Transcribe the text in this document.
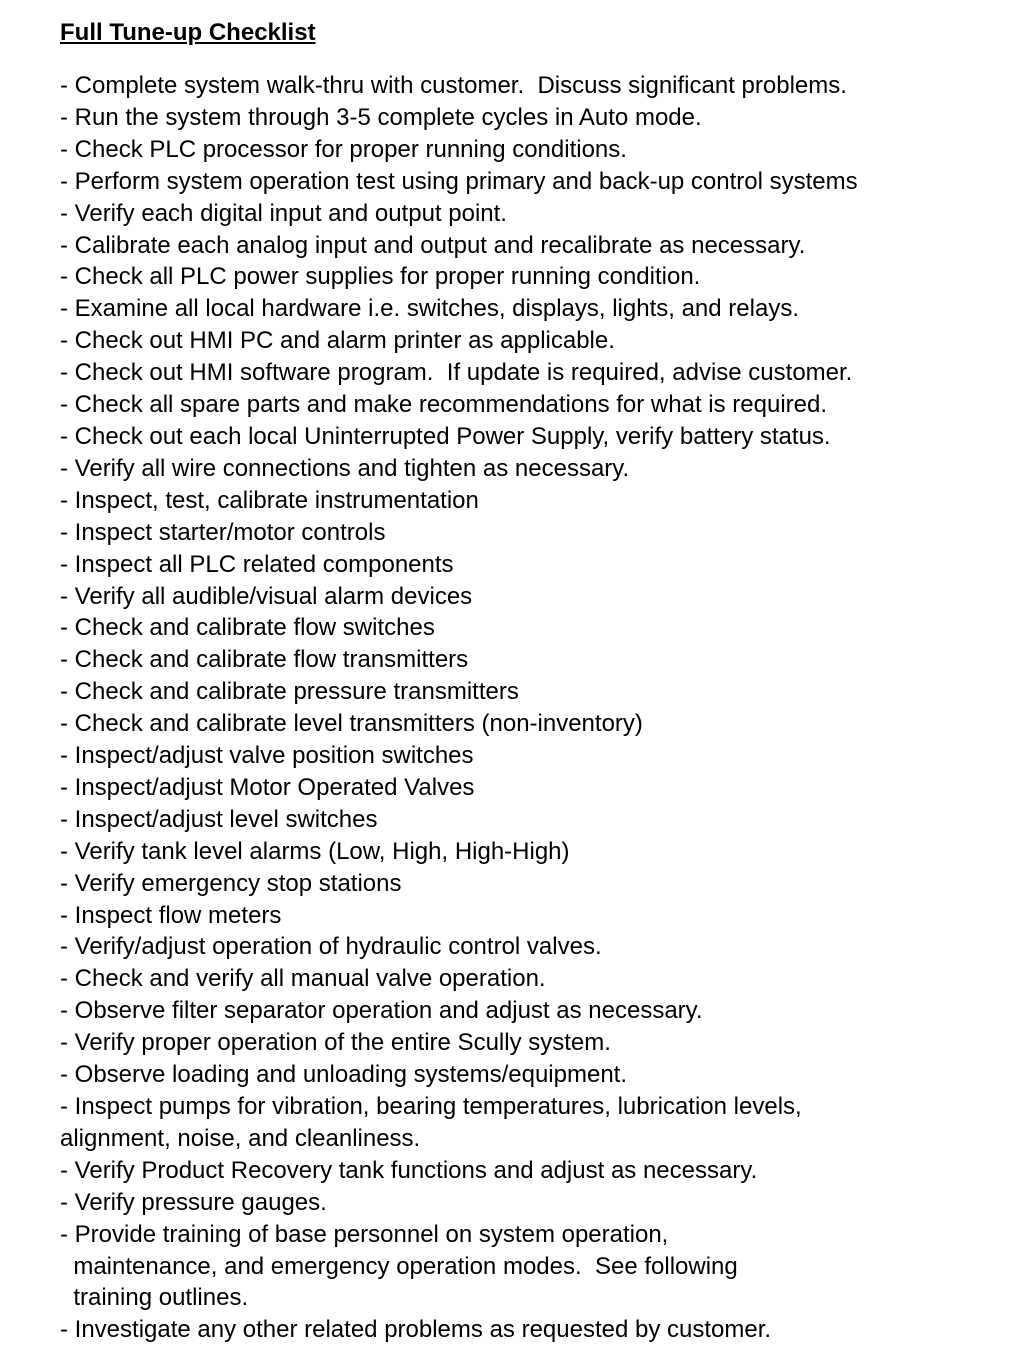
Full Tune-up Checklist
- Complete system walk-thru with customer.  Discuss significant problems.
- Run the system through 3-5 complete cycles in Auto mode.
- Check PLC processor for proper running conditions.
- Perform system operation test using primary and back-up control systems
- Verify each digital input and output point.
- Calibrate each analog input and output and recalibrate as necessary.
- Check all PLC power supplies for proper running condition.
- Examine all local hardware i.e. switches, displays, lights, and relays.
- Check out HMI PC and alarm printer as applicable.
- Check out HMI software program.  If update is required, advise customer.
- Check all spare parts and make recommendations for what is required.
- Check out each local Uninterrupted Power Supply, verify battery status.
- Verify all wire connections and tighten as necessary.
- Inspect, test, calibrate instrumentation
- Inspect starter/motor controls
- Inspect all PLC related components
- Verify all audible/visual alarm devices
- Check and calibrate flow switches
- Check and calibrate flow transmitters
- Check and calibrate pressure transmitters
- Check and calibrate level transmitters (non-inventory)
- Inspect/adjust valve position switches
- Inspect/adjust Motor Operated Valves
- Inspect/adjust level switches
- Verify tank level alarms (Low, High, High-High)
- Verify emergency stop stations
- Inspect flow meters
- Verify/adjust operation of hydraulic control valves.
- Check and verify all manual valve operation.
- Observe filter separator operation and adjust as necessary.
- Verify proper operation of the entire Scully system.
- Observe loading and unloading systems/equipment.
- Inspect pumps for vibration, bearing temperatures, lubrication levels,
alignment, noise, and cleanliness.
- Verify Product Recovery tank functions and adjust as necessary.
- Verify pressure gauges.
- Provide training of base personnel on system operation,
maintenance, and emergency operation modes.  See following
training outlines.
- Investigate any other related problems as requested by customer.
